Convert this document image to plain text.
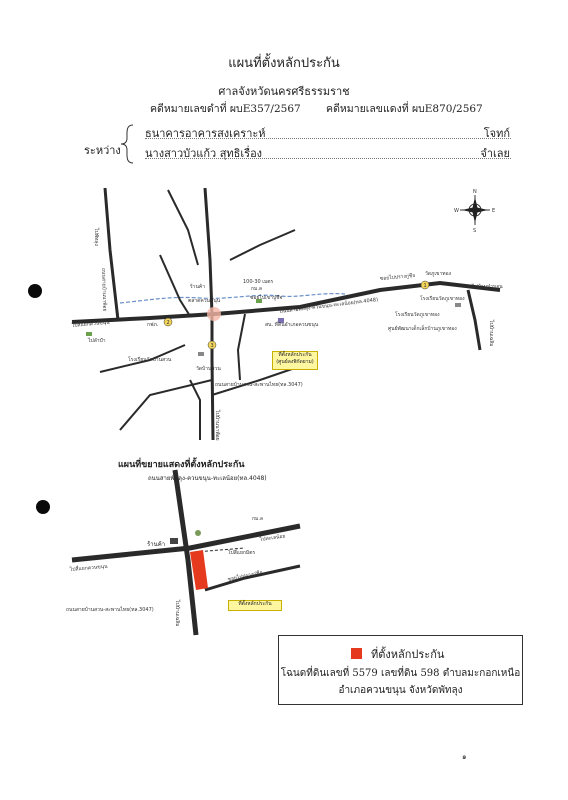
แผนที่ตั้งหลักประกัน
ศาลจังหวัดนครศรีธรรมราช
คดีหมายเลขดำที่ ผบE357/2567 คดีหมายเลขแดงที่ ผบE870/2567
ระหว่าง
ธนาคารอาคารสงเคราะห์	โจทก์
นางสาวบัวแก้ว สุทธิเรื่อง	จำเลย
N
S
W	E
1
2
3
ไปพัทลุง
ถนนสายบ้านนาพ้อย
ไปสี่แยกควนขนุน
ไปลำปำ
กฟภ.
ร้านค้า
ตลาดควนขนุน
100-30 เมตร
ซอยไปเขาปู่ชีจ
กม.ล
ถนนสายพัทลุง-ควนขนุน-ทะเลน้อย(ทล.4048)
สน. ที่ดินอำเภอควนขนุน
ซอยไปปรางกู่ชีจ วัดภูเขาทอง
ไปบ้านป่าบอน
โรงเรียนวัดภูเขาทอง
โรงเรียนวัดภูเขาทอง
ศูนย์พัฒนาเด็กเล็กบ้านภูเขาทอง	ไปบ้านเฉลิม
โรงเรียนวัดบ้านสวน
วัดบ้านสวน
ถนนสายบ้านสวน-สะพานไทย(ทล.3047)
ไปบ้านนาพ้อย
ที่ตั้งหลักประกัน
(ศูนย์ลงพิกัดยาม)
แผนที่ขยายแสดงที่ตั้งหลักประกัน
ถนนสายพัทลุง-ควนขนุน-ทะเลน้อย(ทล.4048)
ไปสี่แยกควนขนุน
ร้านค้า
กม.ล
ไปสี่แยกมิตร
ไปทะเลน้อย
ซอยไปปรางกู่ชีจ
ถนนสายบ้านสวน-สะพานไทย(ทล.3047)	ไปบ้านเฉลิม	ที่ตั้งหลักประกัน
ที่ตั้งหลักประกัน
โฉนดที่ดินเลขที่ 5579 เลขที่ดิน 598 ตำบลมะกอกเหนือ
อำเภอควนขนุน จังหวัดพัทลุง
๑
